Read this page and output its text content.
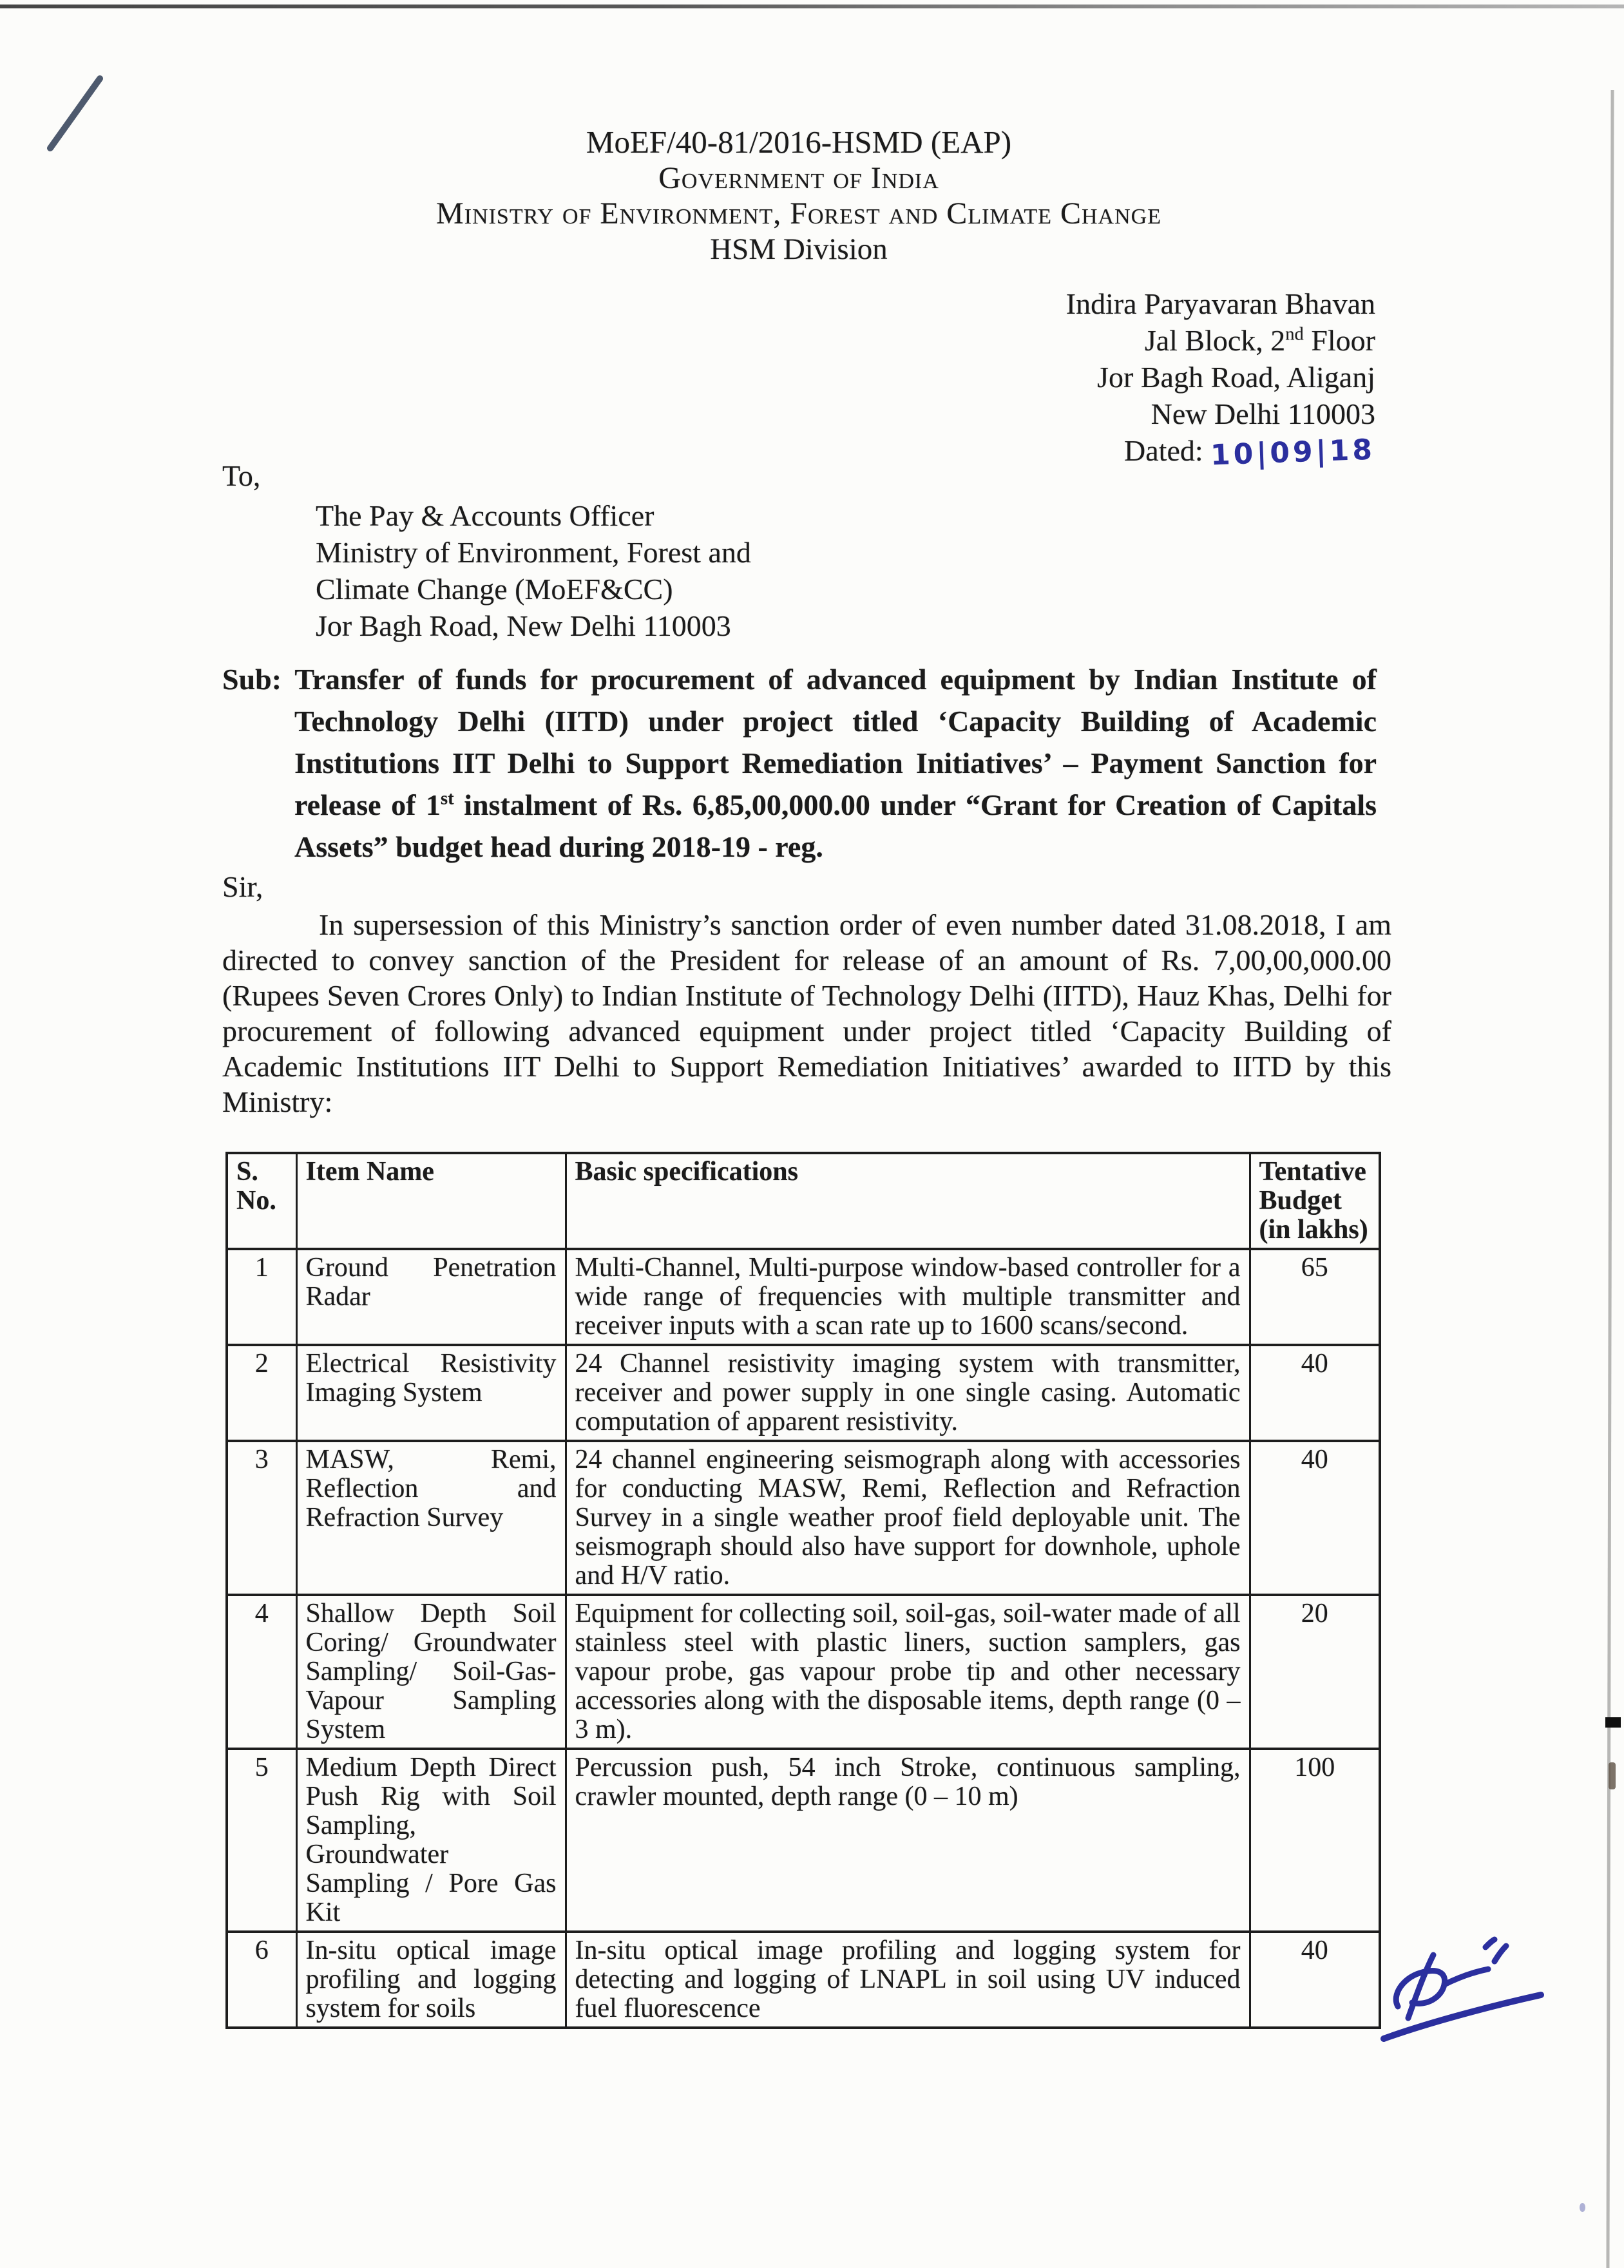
MoEF/40-81/2016-HSMD (EAP)
Government of India
Ministry of Environment, Forest and Climate Change
HSM Division
Indira Paryavaran Bhavan
Jal Block, 2nd Floor
Jor Bagh Road, Aliganj
New Delhi 110003
Dated: 10|09|18
To,
The Pay & Accounts Officer
Ministry of Environment, Forest and
Climate Change (MoEF&CC)
Jor Bagh Road, New Delhi 110003
Sub: Transfer of funds for procurement of advanced equipment by Indian Institute of Technology Delhi (IITD) under project titled ‘Capacity Building of Academic Institutions IIT Delhi to Support Remediation Initiatives’ – Payment Sanction for release of 1st instalment of Rs. 6,85,00,000.00 under “Grant for Creation of Capitals Assets” budget head during 2018-19 - reg.
Sir,
In supersession of this Ministry’s sanction order of even number dated 31.08.2018, I am directed to convey sanction of the President for release of an amount of Rs. 7,00,00,000.00 (Rupees Seven Crores Only) to Indian Institute of Technology Delhi (IITD), Hauz Khas, Delhi for procurement of following advanced equipment under project titled ‘Capacity Building of Academic Institutions IIT Delhi to Support Remediation Initiatives’ awarded to IITD by this Ministry:
S. No.	Item Name	Basic specifications	Tentative Budget (in lakhs)
1	Ground Penetration Radar	Multi-Channel, Multi-purpose window-based controller for a wide range of frequencies with multiple transmitter and receiver inputs with a scan rate up to 1600 scans/second.	65
2	Electrical Resistivity Imaging System	24 Channel resistivity imaging system with transmitter, receiver and power supply in one single casing. Automatic computation of apparent resistivity.	40
3	MASW, Remi, Reflection and Refraction Survey	24 channel engineering seismograph along with accessories for conducting MASW, Remi, Reflection and Refraction Survey in a single weather proof field deployable unit. The seismograph should also have support for downhole, uphole and H/V ratio.	40
4	Shallow Depth Soil Coring/ Groundwater Sampling/ Soil-Gas-Vapour Sampling System	Equipment for collecting soil, soil-gas, soil-water made of all stainless steel with plastic liners, suction samplers, gas vapour probe, gas vapour probe tip and other necessary accessories along with the disposable items, depth range (0 – 3 m).	20
5	Medium Depth Direct Push Rig with Soil Sampling, Groundwater Sampling / Pore Gas Kit	Percussion push, 54 inch Stroke, continuous sampling, crawler mounted, depth range (0 – 10 m)	100
6	In-situ optical image profiling and logging system for soils	In-situ optical image profiling and logging system for detecting and logging of LNAPL in soil using UV induced fuel fluorescence	40
